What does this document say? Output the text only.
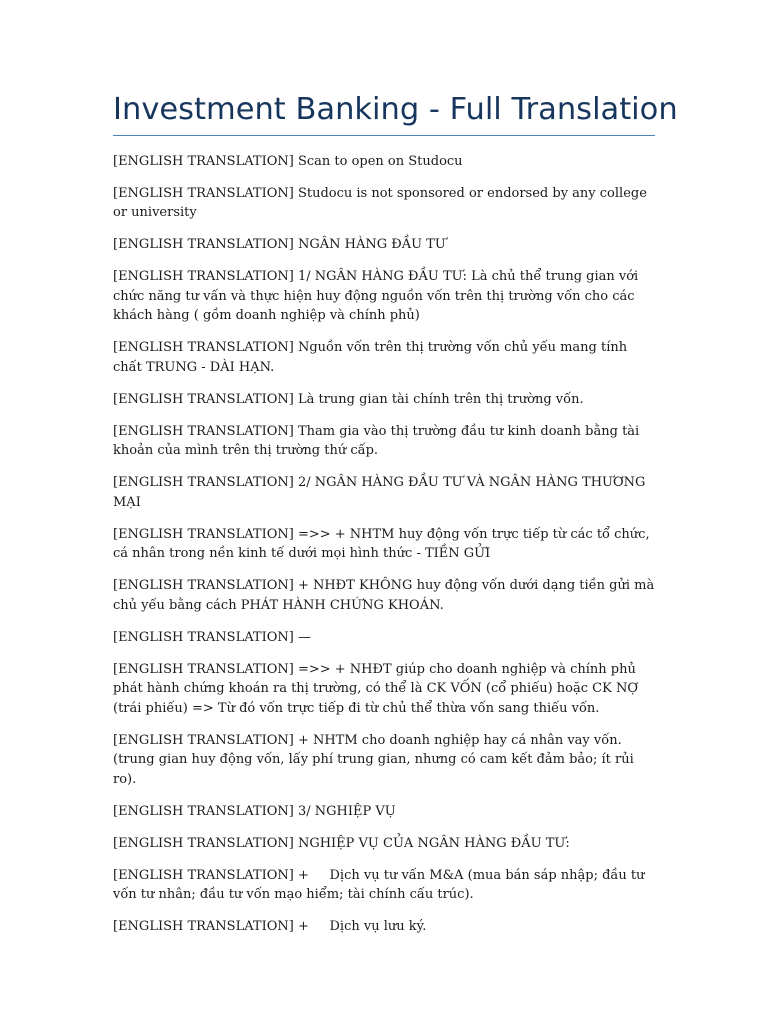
Investment Banking - Full Translation

[ENGLISH TRANSLATION] Scan to open on Studocu

[ENGLISH TRANSLATION] Studocu is not sponsored or endorsed by any college or university

[ENGLISH TRANSLATION] NGÂN HÀNG ĐẦU TƯ

[ENGLISH TRANSLATION] 1/ NGÂN HÀNG ĐẦU TƯ: Là chủ thể trung gian với chức năng tư vấn và thực hiện huy động nguồn vốn trên thị trường vốn cho các khách hàng ( gồm doanh nghiệp và chính phủ)

[ENGLISH TRANSLATION] Nguồn vốn trên thị trường vốn chủ yếu mang tính chất TRUNG - DÀI HẠN.

[ENGLISH TRANSLATION] Là trung gian tài chính trên thị trường vốn.

[ENGLISH TRANSLATION] Tham gia vào thị trường đầu tư kinh doanh bằng tài khoản của mình trên thị trường thứ cấp.

[ENGLISH TRANSLATION] 2/ NGÂN HÀNG ĐẦU TƯ VÀ NGÂN HÀNG THƯƠNG MẠI

[ENGLISH TRANSLATION] =>> + NHTM huy động vốn trực tiếp từ các tổ chức, cá nhân trong nền kinh tế dưới mọi hình thức - TIỀN GỬI

[ENGLISH TRANSLATION] + NHĐT KHÔNG huy động vốn dưới dạng tiền gửi mà chủ yếu bằng cách PHÁT HÀNH CHỨNG KHOÁN.

[ENGLISH TRANSLATION] —

[ENGLISH TRANSLATION] =>> + NHĐT giúp cho doanh nghiệp và chính phủ phát hành chứng khoán ra thị trường, có thể là CK VỐN (cổ phiếu) hoặc CK NỢ (trái phiếu) => Từ đó vốn trực tiếp đi từ chủ thể thừa vốn sang thiếu vốn.

[ENGLISH TRANSLATION] + NHTM cho doanh nghiệp hay cá nhân vay vốn. (trung gian huy động vốn, lấy phí trung gian, nhưng có cam kết đảm bảo; ít rủi ro).

[ENGLISH TRANSLATION] 3/ NGHIỆP VỤ

[ENGLISH TRANSLATION] NGHIỆP VỤ CỦA NGÂN HÀNG ĐẦU TƯ:

[ENGLISH TRANSLATION] +     Dịch vụ tư vấn M&A (mua bán sáp nhập; đầu tư vốn tư nhân; đầu tư vốn mạo hiểm; tài chính cấu trúc).

[ENGLISH TRANSLATION] +     Dịch vụ lưu ký.
